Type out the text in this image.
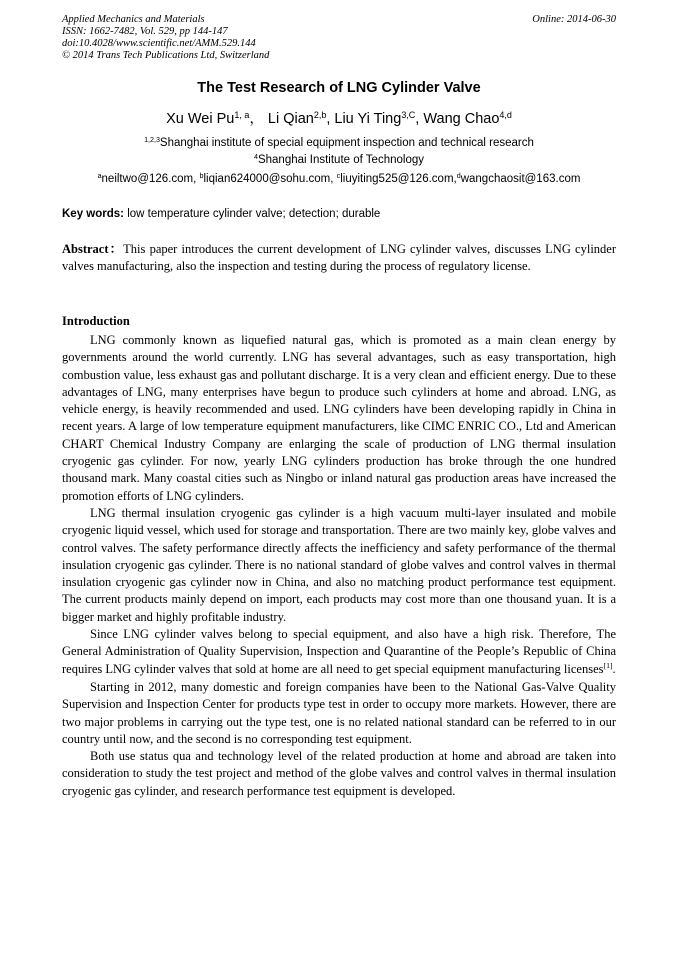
Applied Mechanics and Materials
ISSN: 1662-7482, Vol. 529, pp 144-147
doi:10.4028/www.scientific.net/AMM.529.144
© 2014 Trans Tech Publications Ltd, Switzerland
Online: 2014-06-30
The Test Research of LNG Cylinder Valve
Xu Wei Pu$^{1, a}$， Li Qian$^{2,b}$, Liu Yi Ting$^{3,C}$, Wang Chao$^{4,d}$
$^{1,2,3}$Shanghai institute of special equipment inspection and technical research
$^4$Shanghai Institute of Technology
$^a$neiltwo@126.com, $^b$liqian624000@sohu.com, $^c$liuyiting525@126.com,$^d$wangchaosit@163.com
Key words: low temperature cylinder valve; detection; durable
Abstract：This paper introduces the current development of LNG cylinder valves, discusses LNG cylinder valves manufacturing, also the inspection and testing during the process of regulatory license.
Introduction

LNG commonly known as liquefied natural gas, which is promoted as a main clean energy by governments around the world currently. LNG has several advantages, such as easy transportation, high combustion value, less exhaust gas and pollutant discharge. It is a very clean and efficient energy. Due to these advantages of LNG, many enterprises have begun to produce such cylinders at home and abroad. LNG, as vehicle energy, is heavily recommended and used. LNG cylinders have been developing rapidly in China in recent years. A large of low temperature equipment manufacturers, like CIMC ENRIC CO., Ltd and American CHART Chemical Industry Company are enlarging the scale of production of LNG thermal insulation cryogenic gas cylinder. For now, yearly LNG cylinders production has broke through the one hundred thousand mark. Many coastal cities such as Ningbo or inland natural gas production areas have increased the promotion efforts of LNG cylinders.

LNG thermal insulation cryogenic gas cylinder is a high vacuum multi-layer insulated and mobile cryogenic liquid vessel, which used for storage and transportation. There are two mainly key, globe valves and control valves. The safety performance directly affects the inefficiency and safety performance of the thermal insulation cryogenic gas cylinder. There is no national standard of globe valves and control valves in thermal insulation cryogenic gas cylinder now in China, and also no matching product performance test equipment. The current products mainly depend on import, each products may cost more than one thousand yuan. It is a bigger market and highly profitable industry.

Since LNG cylinder valves belong to special equipment, and also have a high risk. Therefore, The General Administration of Quality Supervision, Inspection and Quarantine of the People’s Republic of China requires LNG cylinder valves that sold at home are all need to get special equipment manufacturing licenses[1].

Starting in 2012, many domestic and foreign companies have been to the National Gas-Valve Quality Supervision and Inspection Center for products type test in order to occupy more markets. However, there are two major problems in carrying out the type test, one is no related national standard can be referred to in our country until now, and the second is no corresponding test equipment.

Both use status qua and technology level of the related production at home and abroad are taken into consideration to study the test project and method of the globe valves and control valves in thermal insulation cryogenic gas cylinder, and research performance test equipment is developed.
